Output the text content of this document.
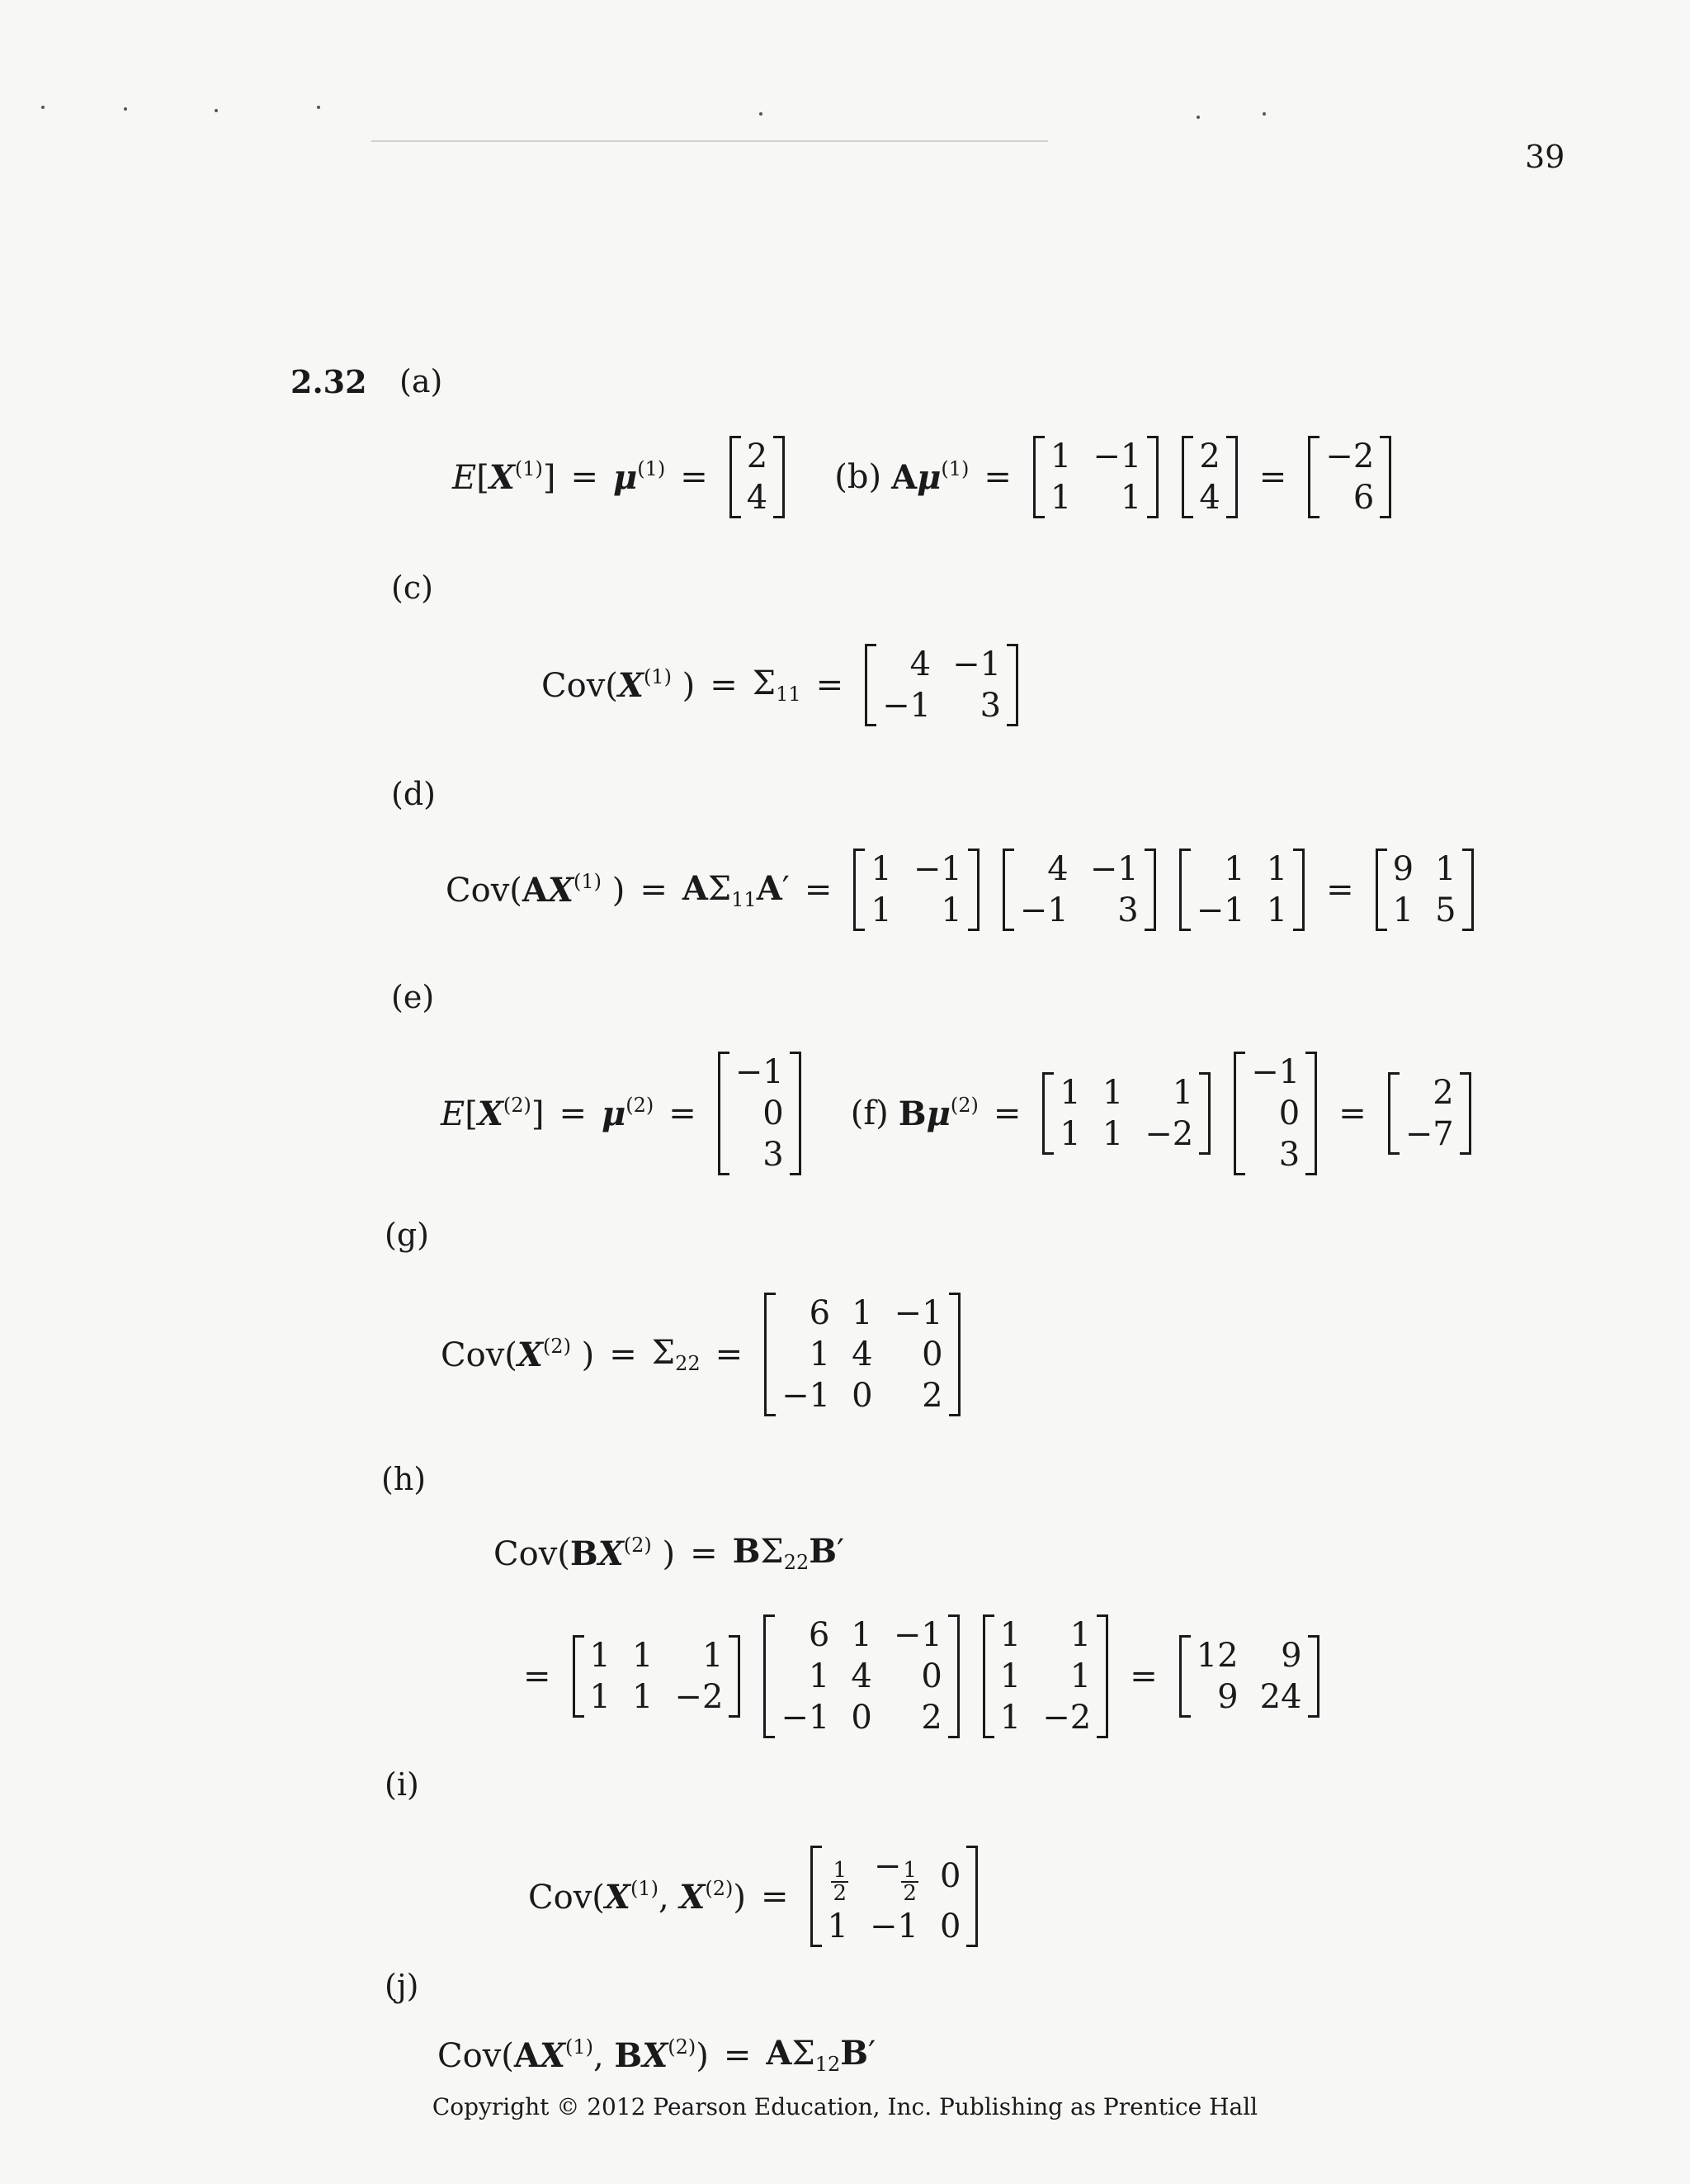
39
2.32 (a)
$E[X^{(1)}] = \mu^{(1)}$ =
2
4
(b) $A\mu^{(1)}$ =
1 −1
1	1
2
4
=
−2
6
(c)
$Cov(X^{(1)}$ ) = $\Sigma_{11}$ =
4 −1
−1	3
(d)
Cov(AX$^{(1)}$ ) = $A\Sigma_{11}A'$ =
1 −1
1	1
4 −1
−1	3
1 1
−1 1
=
9 1
1 5
(e)
$E[X^{(2)}] = \mu^{(2)}$ =
−1
0
3
(f) $B\mu^{(2)}$ =
1 1	1
1 1 −2
−1
0
3
=
2
−7
(g)
$Cov(X^{(2)}$ ) = $\Sigma_{22}$ =
6 1 −1
1 4	0
−1 0	2
(h)
Cov(BX$^{(2)}$ ) = $B\Sigma_{22}B'$
=
1 1	1
1 1 −2
6 1 −1
1 4	0
−1 0	2
1	1
1	1
1 −2
=
12	9
9 24
(i)
$Cov(X^{(1)}$, $X^{(2)}) = \frac{1}{2} - \frac{1}{2} 0$
1 −1 0
(j)
Cov(AX$^{(1)}$, $BX^{(2)}) = A\Sigma_{12}B'$
Copyright © 2012 Pearson Education, Inc. Publishing as Prentice Hall
